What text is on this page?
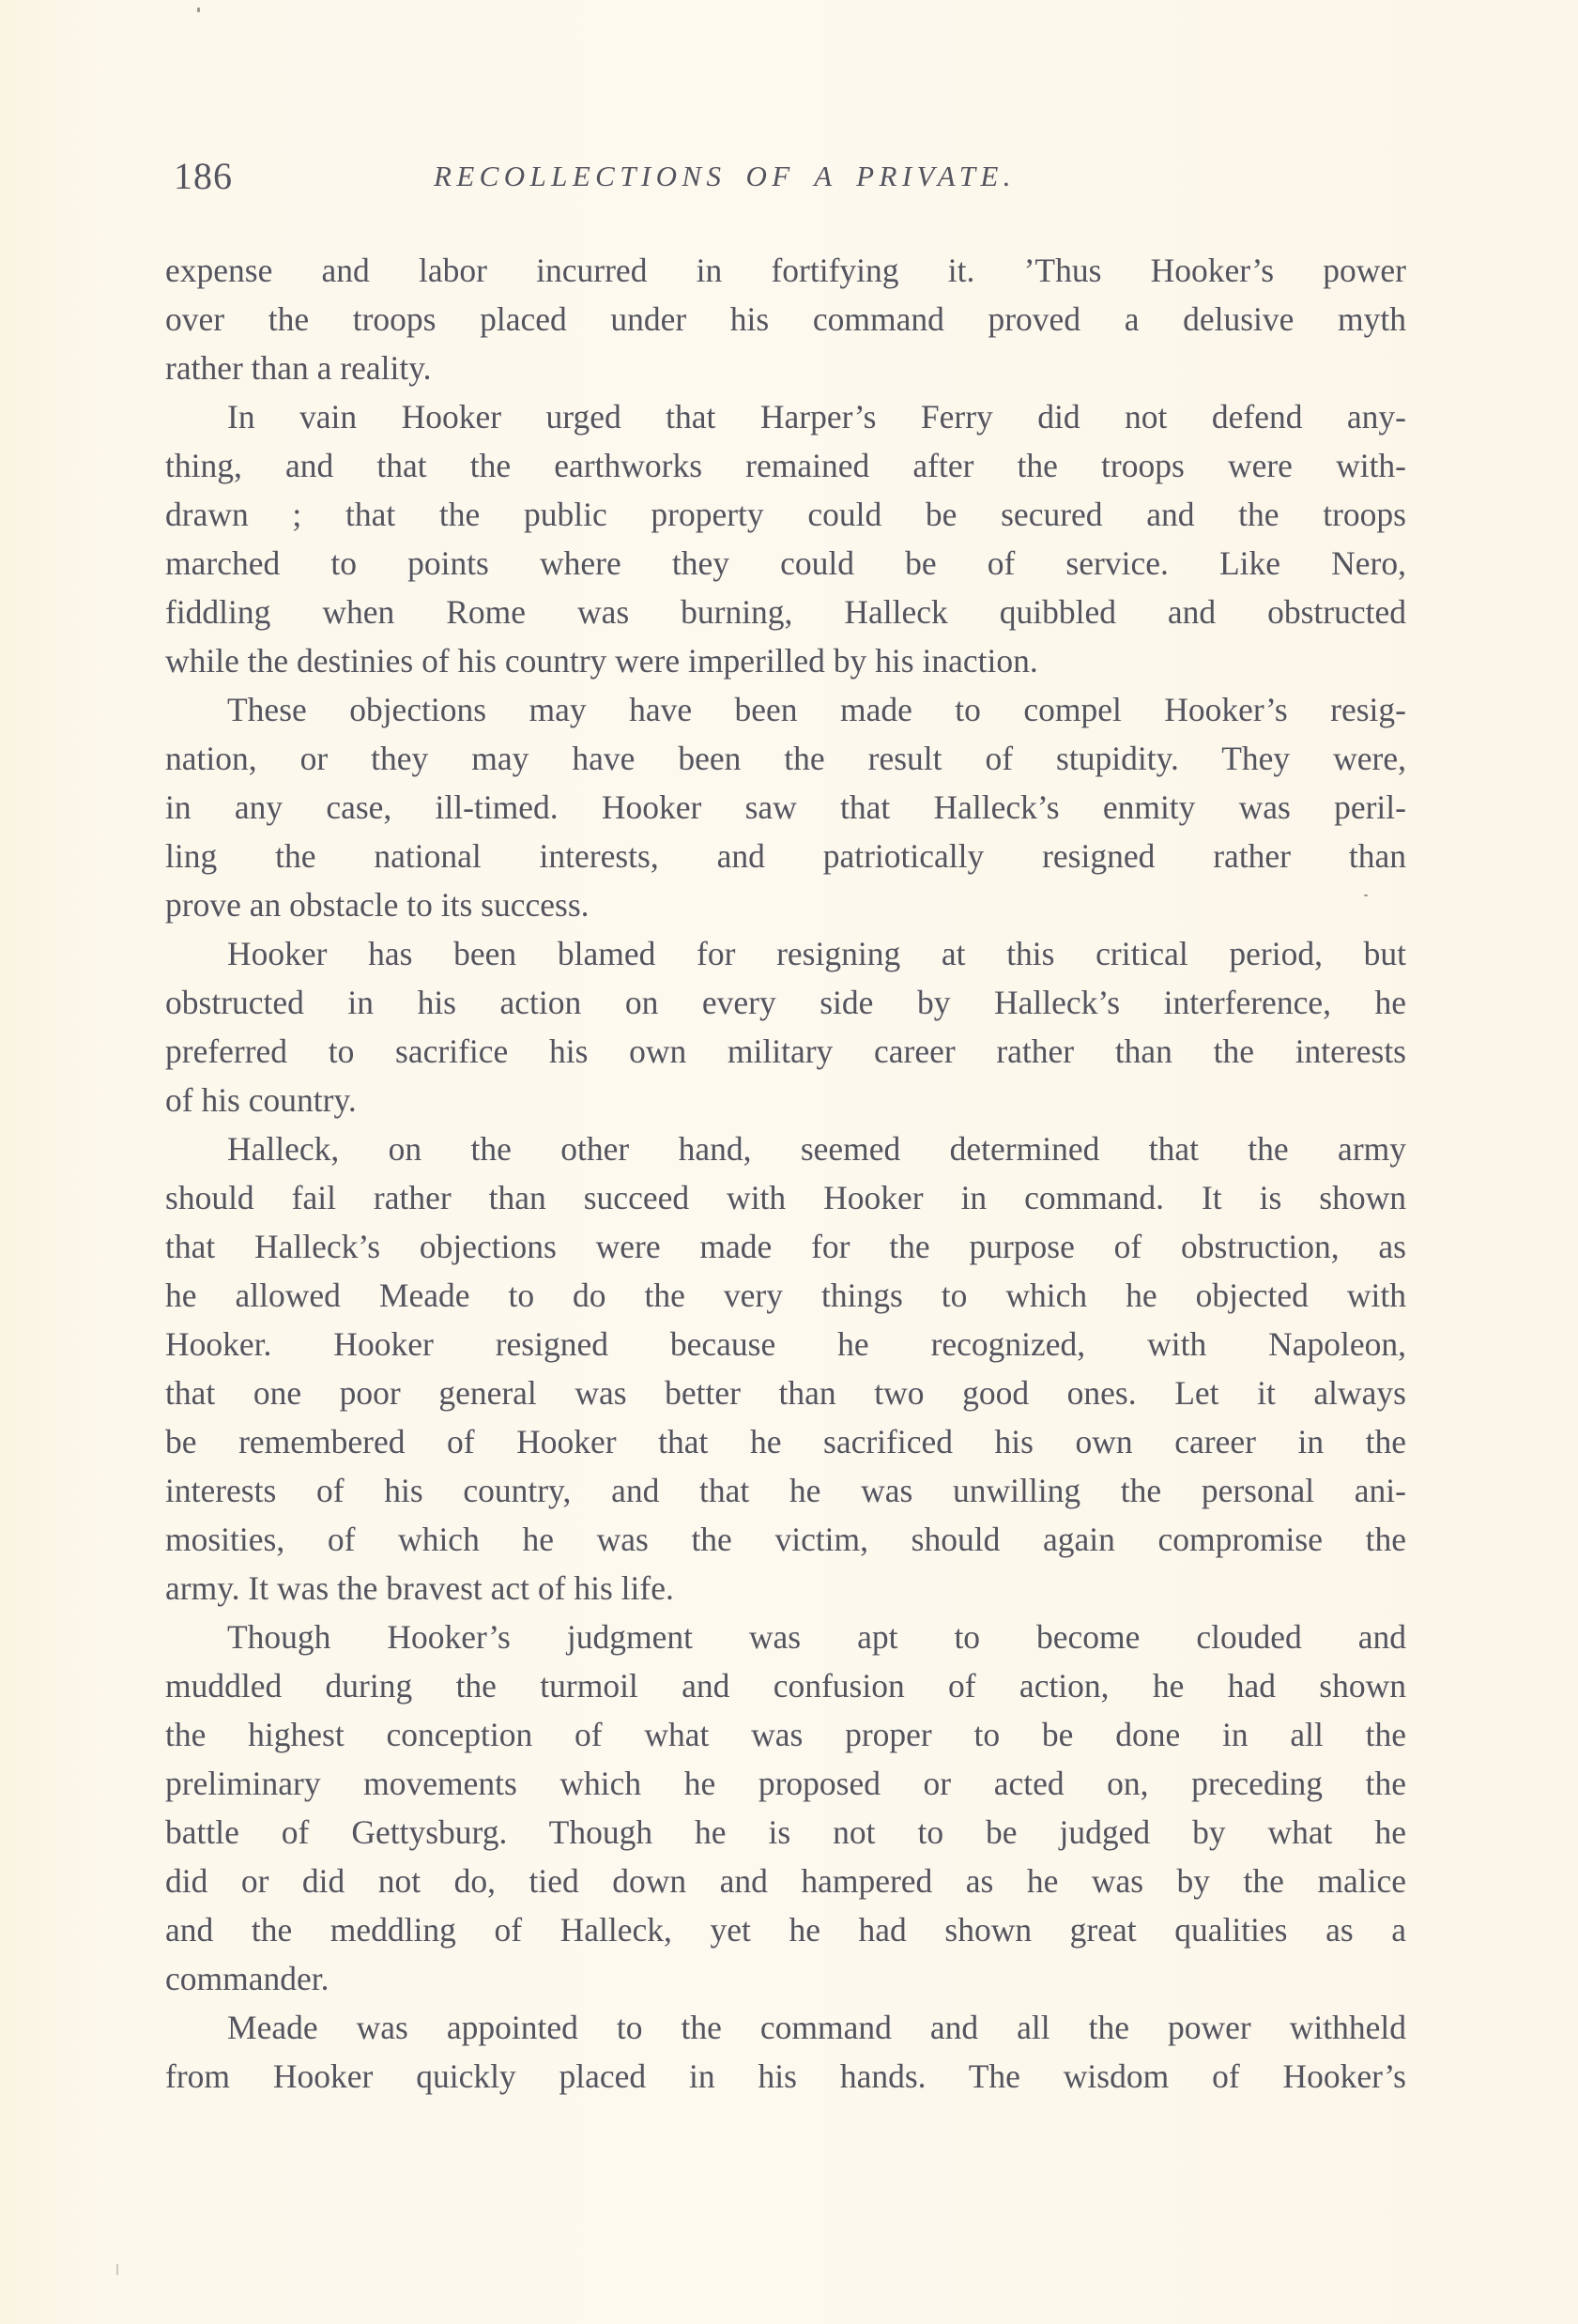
186	RECOLLECTIONS OF A PRIVATE.

expense and labor incurred in fortifying it. ’Thus Hooker’s power
over the troops placed under his command proved a delusive myth
rather than a reality.

In vain Hooker urged that Harper’s Ferry did not defend any-
thing, and that the earthworks remained after the troops were with-
drawn ; that the public property could be secured and the troops
marched to points where they could be of service. Like Nero,
fiddling when Rome was burning, Halleck quibbled and obstructed
while the destinies of his country were imperilled by his inaction.

These objections may have been made to compel Hooker’s resig-
nation, or they may have been the result of stupidity. They were,
in any case, ill-timed. Hooker saw that Halleck’s enmity was peril-
ling the national interests, and patriotically resigned rather than
prove an obstacle to its success.

Hooker has been blamed for resigning at this critical period, but
obstructed in his action on every side by Halleck’s interference, he
preferred to sacrifice his own military career rather than the interests
of his country.

Halleck, on the other hand, seemed determined that the army
should fail rather than succeed with Hooker in command. It is shown
that Halleck’s objections were made for the purpose of obstruction, as
he allowed Meade to do the very things to which he objected with
Hooker. Hooker resigned because he recognized, with Napoleon,
that one poor general was better than two good ones. Let it always
be remembered of Hooker that he sacrificed his own career in the
interests of his country, and that he was unwilling the personal ani-
mosities, of which he was the victim, should again compromise the
army. It was the bravest act of his life.

Though Hooker’s judgment was apt to become clouded and
muddled during the turmoil and confusion of action, he had shown
the highest conception of what was proper to be done in all the
preliminary movements which he proposed or acted on, preceding the
battle of Gettysburg. Though he is not to be judged by what he
did or did not do, tied down and hampered as he was by the malice
and the meddling of Halleck, yet he had shown great qualities as a
commander.

Meade was appointed to the command and all the power withheld
from Hooker quickly placed in his hands. The wisdom of Hooker’s
